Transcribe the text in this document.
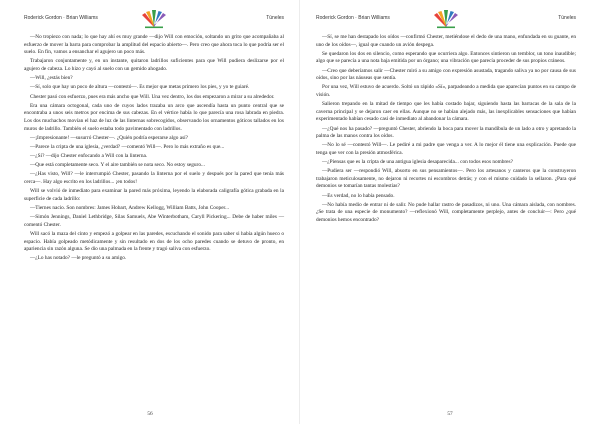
Roderick Gordon · Brian Williams	Túneles	Roderick Gordon · Brian Williams	Túneles

—No tropiezo con nada; lo que hay ahí es muy grande —dijo Will con emoción, soltando un grito que acompañaba al esfuerzo de mover la barra para comprobar la amplitud del espacio abierto—. Pero creo que ahora toca lo que podría ser el suelo. En fin, vamos a ensanchar el agujero un poco más.

Trabajaron conjuntamente y, en un instante, quitaron ladrillos suficientes para que Will pudiera deslizarse por el agujero de cabeza. Lo hizo y cayó al suelo con un gemido ahogado.

—Will, ¿estás bien?

—Sí, solo que hay un poco de altura —contestó—. Es mejor que metas primero los pies, y yo te guiaré.

Chester pasó con esfuerzo, pues era más ancho que Will. Una vez dentro, los dos empezaron a mirar a su alrededor.

Era una cámara octogonal, cada uno de cuyos lados trazaba un arco que ascendía hasta un punto central que se encontraba a unos seis metros por encima de sus cabezas. En el vértice había lo que parecía una rosa labrada en piedra. Los dos muchachos movían el haz de luz de las linternas sobrecogidos, observando los ornamentos góticos tallados en los muros de ladrillo. También el suelo estaba todo pavimentado con ladrillos.

—¡Impresionante! —susurró Chester—. ¿Quién podría esperarse algo así?

—Parece la cripta de una iglesia, ¿verdad? —comentó Will—. Pero lo más extraño es que...

—¿Sí? —dijo Chester enfocando a Will con la linterna.

—Que está completamente seco. Y el aire también se nota seco. No estoy seguro...

—¿Has visto, Will? —le interrumpió Chester, pasando la linterna por el suelo y después por la pared que tenía más cerca—. Hay algo escrito en los ladrillos... ¡en todos!

Will se volvió de inmediato para examinar la pared más próxima, leyendo la elaborada caligrafía gótica grabada en la superficie de cada ladrillo:

—Tiernes nacio. Son nombres: James Hobart, Andrew Kellogg, William Batts, John Cooper...

—Simón Jennings, Daniel Lethbridge, Silas Samuels, Abe Winterbotham, Caryll Pickering... Debe de haber miles —comentó Chester.

Will sacó la maza del cinto y empezó a golpear en las paredes, escuchando el sonido para saber si había algún hueco o espacio. Había golpeado metódicamente y sin resultado en dos de los ocho paredes cuando se detuvo de pronto, en apariencia sin razón alguna. Se dio una palmada en la frente y tragó saliva con esfuerzo.

—¿Lo has notado? —le preguntó a su amigo.

—Sí, se me han destapado los oídos —confirmó Chester, metiéndose el dedo de una mano, enfundada en su guante, en uno de los oídos—, igual que cuando un avión despega.

Se quedaron los dos en silencio, como esperando que ocurriera algo. Entonces sintieron un temblor, un tono inaudible; algo que se parecía a una nota baja emitida por un órgano; una vibración que parecía proceder de sus propios cráneos.

—Creo que deberíamos salir —Chester miró a su amigo con expresión asustada, tragando saliva ya no por causa de sus oídos, sino por las náuseas que sentía.

Por una vez, Will estuvo de acuerdo. Soltó un rápido «Sí», parpadeando a medida que aparecían puntos en su campo de visión.

Salieron trepando en la mitad de tiempo que les había costado bajar, siguiendo hasta las barracas de la sala de la caverna principal y se dejaron caer en ellas. Aunque no se habían alejado más, las inexplicables sensaciones que habían experimentado habían cesado casi de inmediato al abandonar la cámara.

—¿Qué nos ha pasado? —preguntó Chester, abriendo la boca para mover la mandíbula de un lado a otro y apretando la palma de las manos contra los oídos.

—No lo sé —contestó Will—. Le pediré a mi padre que venga a ver. A lo mejor él tiene una explicación. Puede que tenga que ver con la presión atmosférica.

—¿Piensas que es la cripta de una antigua iglesia desaparecida... con todos esos nombres?

—Pudiera ser —respondió Will, absorto en sus pensamientos—. Pero los artesanos y canteros que la construyeron trabajaron meticulosamente, no dejaron ni recortes ni escombros detrás; y con el mismo cuidado la sellaron. ¿Para qué demonios se tomarían tantas molestias?

—Es verdad, no lo había pensado.

—No había medio de entrar ni de salir. No pude hallar rastro de pasadizos, ni uno. Una cámara aislada, con nombres. ¿Se trata de una especie de monumento? —reflexionó Will, completamente perplejo, antes de concluir—: Pero ¿qué demonios hemos encontrado?

56	57
